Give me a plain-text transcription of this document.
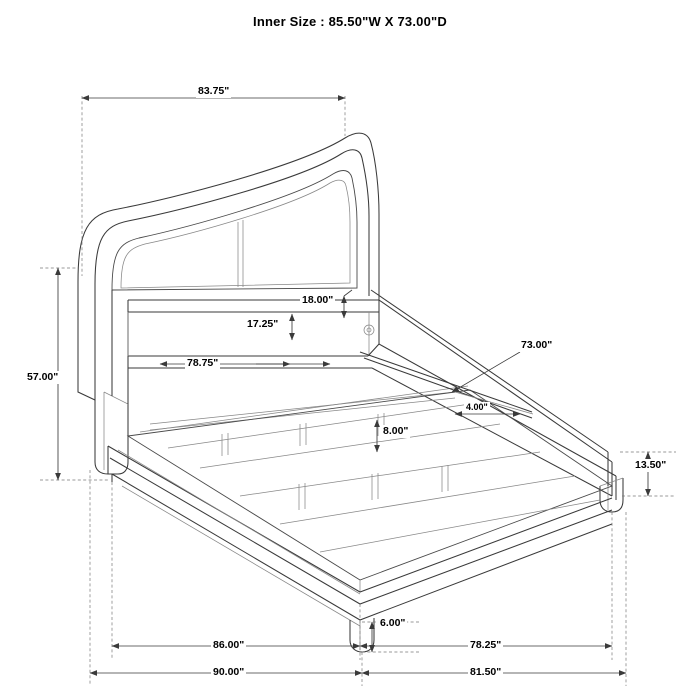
Inner Size : 85.50"W X 73.00"D
83.75"
57.00"
18.00"
17.25"
78.75"
73.00"
4.00"
8.00"
13.50"
6.00"
86.00"	78.25"
90.00"	81.50"
